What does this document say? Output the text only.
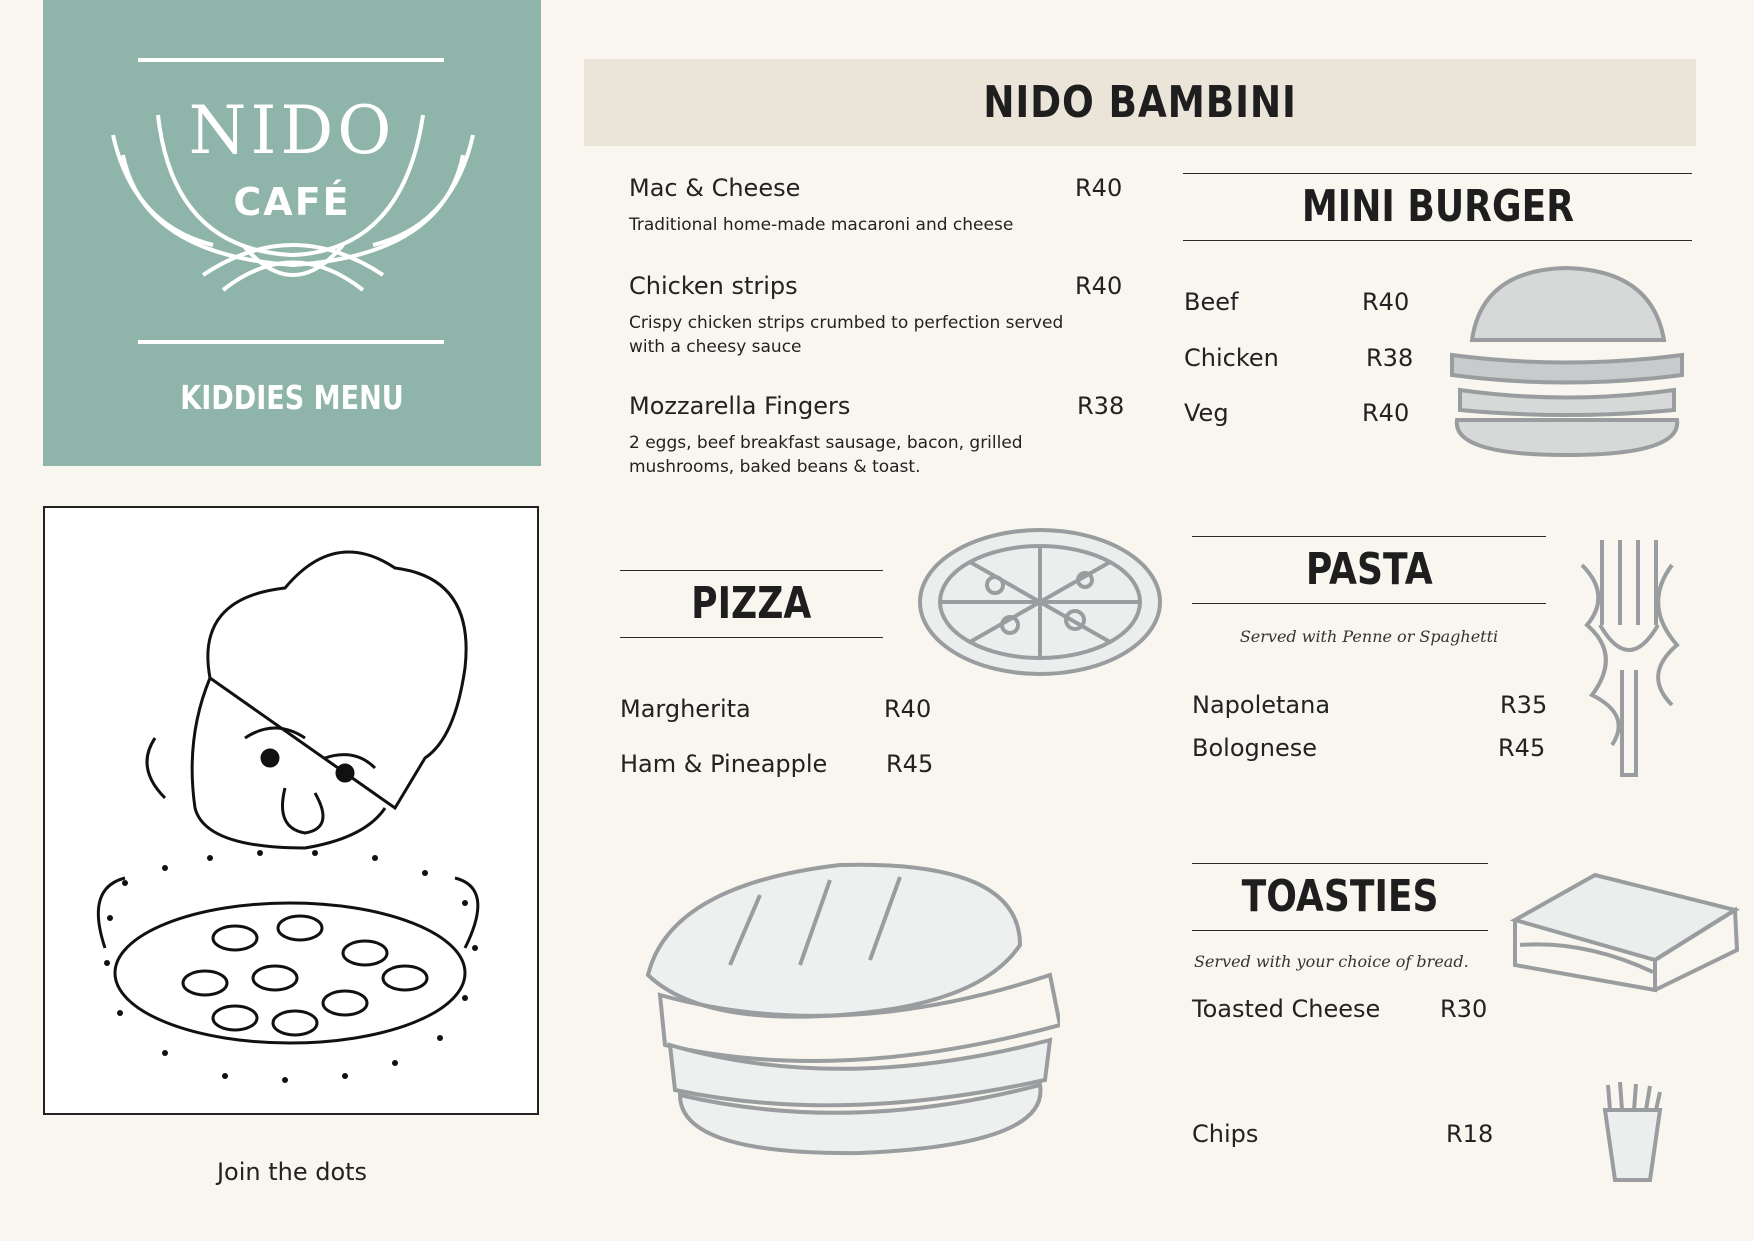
NIDO
CAFÉ
KIDDIES MENU
NIDO BAMBINI
Mac & Cheese	R40
Traditional home-made macaroni and cheese
Chicken strips	R40
Crispy chicken strips crumbed to perfection served with a cheesy sauce
Mozzarella Fingers	R38
2 eggs, beef breakfast sausage, bacon, grilled mushrooms, baked beans & toast.
MINI BURGER
Beef	R40
Chicken	R38
Veg	R40
PIZZA
Margherita	R40
Ham & Pineapple R45
PASTA
Served with Penne or Spaghetti
Napoletana	R35
Bolognese	R45
TOASTIES
Served with your choice of bread.
Toasted Cheese R30
Chips	R18
Join the dots
